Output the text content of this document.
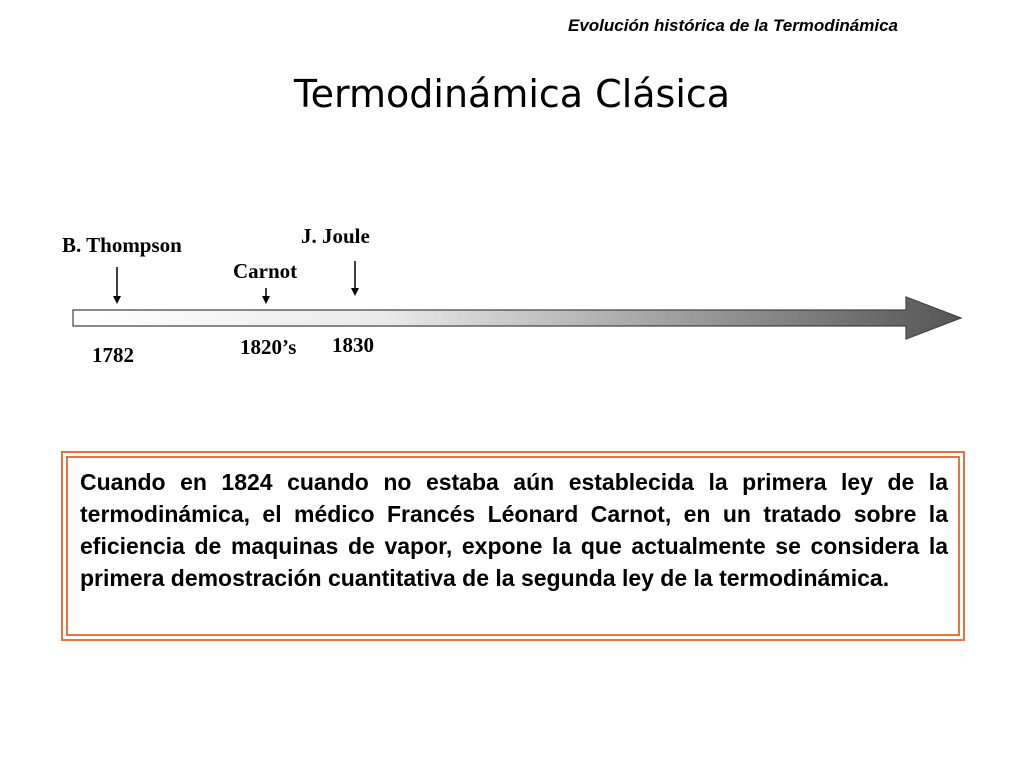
Evolución histórica de la Termodinámica
Termodinámica Clásica
B. Thompson
Carnot
J. Joule
1782	1820’s 1830

Cuando en 1824 cuando no estaba aún establecida la primera ley de la termodinámica, el médico Francés Léonard Carnot, en un tratado sobre la eficiencia de maquinas de vapor, expone la que actualmente se considera la primera demostración cuantitativa de la segunda ley de la termodinámica.
